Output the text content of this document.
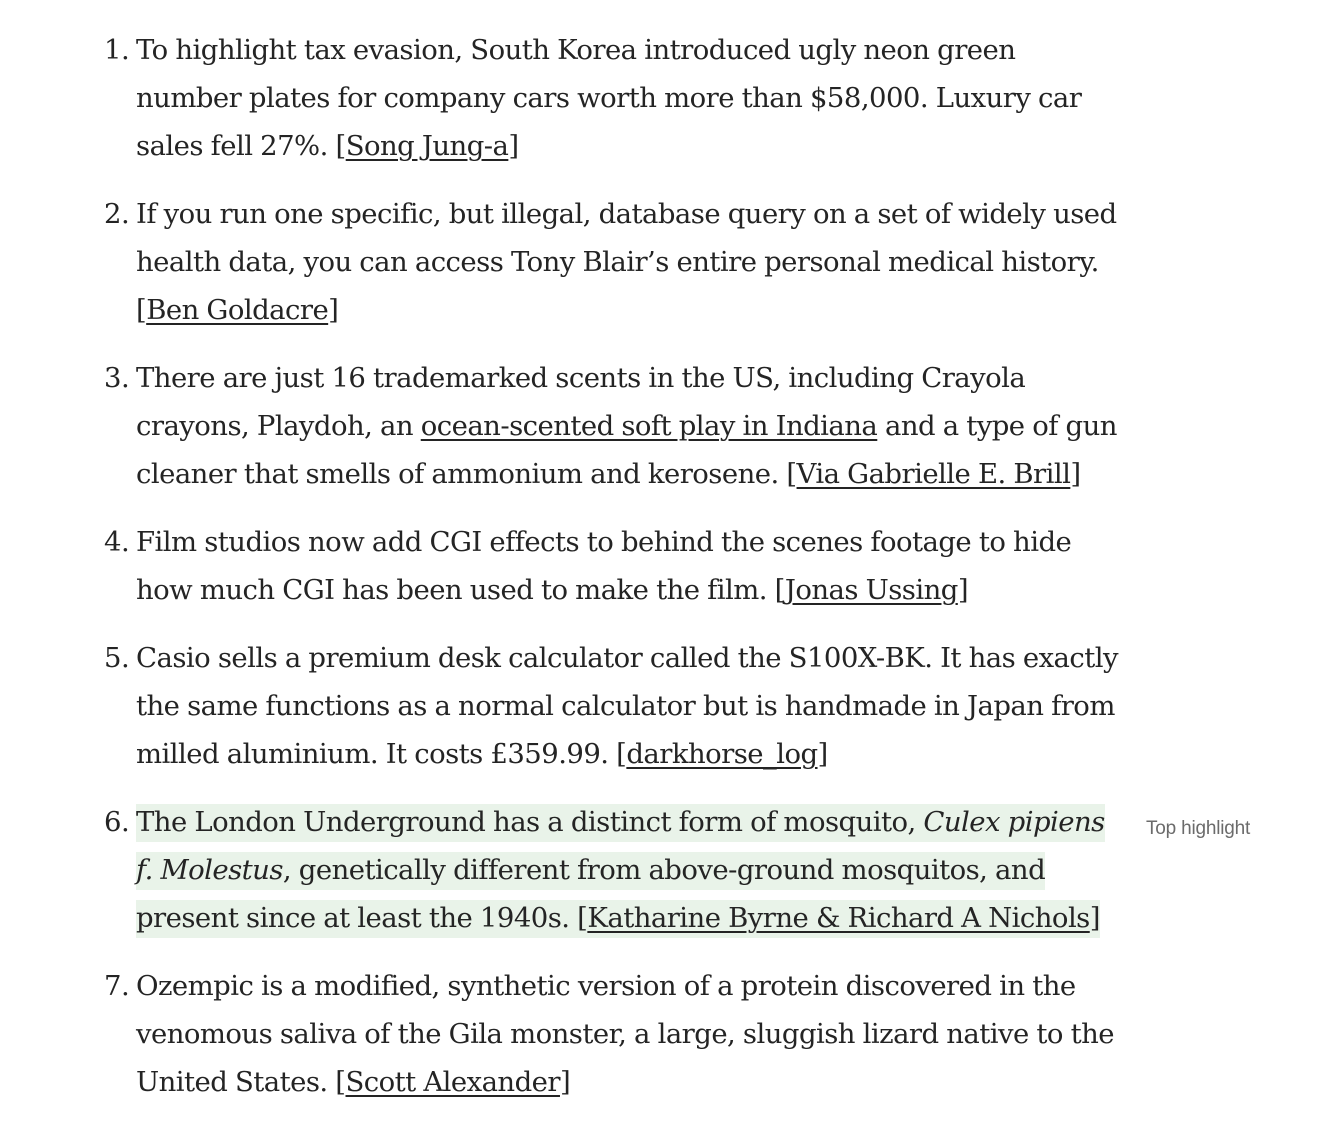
1. To highlight tax evasion, South Korea introduced ugly neon green number plates for company cars worth more than $58,000. Luxury car sales fell 27%. [Song Jung-a]
2. If you run one specific, but illegal, database query on a set of widely used health data, you can access Tony Blair’s entire personal medical history. [Ben Goldacre]
3. There are just 16 trademarked scents in the US, including Crayola crayons, Playdoh, an ocean-scented soft play in Indiana and a type of gun cleaner that smells of ammonium and kerosene. [Via Gabrielle E. Brill]
4. Film studios now add CGI effects to behind the scenes footage to hide how much CGI has been used to make the film. [Jonas Ussing]
5. Casio sells a premium desk calculator called the S100X-BK. It has exactly the same functions as a normal calculator but is handmade in Japan from milled aluminium. It costs £359.99. [darkhorse_log]
6. The London Underground has a distinct form of mosquito, Culex pipiens f. Molestus, genetically different from above-ground mosquitos, and present since at least the 1940s. [Katharine Byrne & Richard A Nichols]
7. Ozempic is a modified, synthetic version of a protein discovered in the venomous saliva of the Gila monster, a large, sluggish lizard native to the United States. [Scott Alexander]
Top highlight
